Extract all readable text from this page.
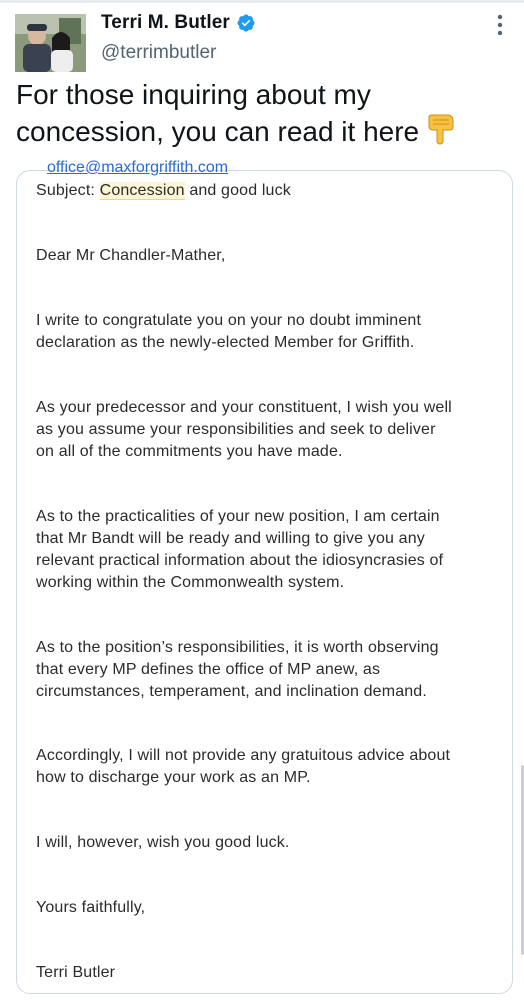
Terri M. Butler
@terrimbutler
For those inquiring about my concession, you can read it here
office@maxforgriffith.com
Subject: Concession and good luck
Dear Mr Chandler-Mather,
I write to congratulate you on your no doubt imminent
declaration as the newly-elected Member for Griffith.
As your predecessor and your constituent, I wish you well
as you assume your responsibilities and seek to deliver
on all of the commitments you have made.
As to the practicalities of your new position, I am certain
that Mr Bandt will be ready and willing to give you any
relevant practical information about the idiosyncrasies of
working within the Commonwealth system.
As to the position’s responsibilities, it is worth observing
that every MP defines the office of MP anew, as
circumstances, temperament, and inclination demand.
Accordingly, I will not provide any gratuitous advice about
how to discharge your work as an MP.
I will, however, wish you good luck.
Yours faithfully,
Terri Butler
